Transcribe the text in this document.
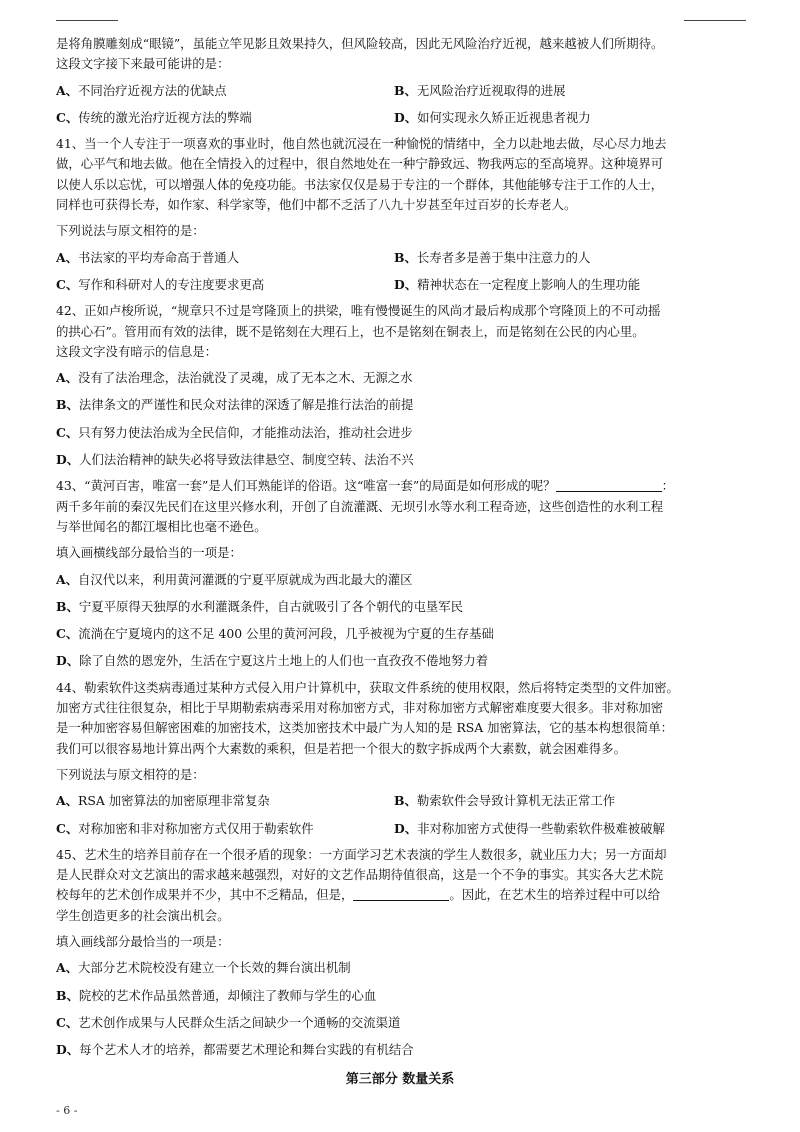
是将角膜雕刻成“眼镜”，虽能立竿见影且效果持久，但风险较高，因此无风险治疗近视，越来越被人们所期待。

这段文字接下来最可能讲的是：

A、不同治疗近视方法的优缺点	B、无风险治疗近视取得的进展

C、传统的激光治疗近视方法的弊端	D、如何实现永久矫正近视患者视力

41、当一个人专注于一项喜欢的事业时，他自然也就沉浸在一种愉悦的情绪中，全力以赴地去做，尽心尽力地去

做，心平气和地去做。他在全情投入的过程中，很自然地处在一种宁静致远、物我两忘的至高境界。这种境界可

以使人乐以忘忧，可以增强人体的免疫功能。书法家仅仅是易于专注的一个群体，其他能够专注于工作的人士，

同样也可获得长寿，如作家、科学家等，他们中都不乏活了八九十岁甚至年过百岁的长寿老人。

下列说法与原文相符的是：

A、书法家的平均寿命高于普通人	B、长寿者多是善于集中注意力的人

C、写作和科研对人的专注度要求更高	D、精神状态在一定程度上影响人的生理功能

42、正如卢梭所说，“规章只不过是穹隆顶上的拱梁，唯有慢慢诞生的风尚才最后构成那个穹隆顶上的不可动摇

的拱心石”。管用而有效的法律，既不是铭刻在大理石上，也不是铭刻在铜表上，而是铭刻在公民的内心里。

这段文字没有暗示的信息是：

A、没有了法治理念，法治就没了灵魂，成了无本之木、无源之水

B、法律条文的严谨性和民众对法律的深透了解是推行法治的前提

C、只有努力使法治成为全民信仰，才能推动法治，推动社会进步

D、人们法治精神的缺失必将导致法律悬空、制度空转、法治不兴

43、“黄河百害，唯富一套”是人们耳熟能详的俗语。这“唯富一套”的局面是如何形成的呢？	：

两千多年前的秦汉先民们在这里兴修水利，开创了自流灌溉、无坝引水等水利工程奇迹，这些创造性的水利工程

与举世闻名的都江堰相比也毫不逊色。

填入画横线部分最恰当的一项是：

A、自汉代以来，利用黄河灌溉的宁夏平原就成为西北最大的灌区

B、宁夏平原得天独厚的水利灌溉条件，自古就吸引了各个朝代的屯垦军民

C、流淌在宁夏境内的这不足 400 公里的黄河河段，几乎被视为宁夏的生存基础

D、除了自然的恩宠外，生活在宁夏这片土地上的人们也一直孜孜不倦地努力着

44、勒索软件这类病毒通过某种方式侵入用户计算机中，获取文件系统的使用权限，然后将特定类型的文件加密。

加密方式往往很复杂，相比于早期勒索病毒采用对称加密方式，非对称加密方式解密难度要大很多。非对称加密

是一种加密容易但解密困难的加密技术，这类加密技术中最广为人知的是 RSA 加密算法，它的基本构想很简单：

我们可以很容易地计算出两个大素数的乘积，但是若把一个很大的数字拆成两个大素数，就会困难得多。

下列说法与原文相符的是：

A、RSA 加密算法的加密原理非常复杂	B、勒索软件会导致计算机无法正常工作

C、对称加密和非对称加密方式仅用于勒索软件	D、非对称加密方式使得一些勒索软件极难被破解

45、艺术生的培养目前存在一个很矛盾的现象：一方面学习艺术表演的学生人数很多，就业压力大；另一方面却

是人民群众对文艺演出的需求越来越强烈，对好的文艺作品期待值很高，这是一个不争的事实。其实各大艺术院

校每年的艺术创作成果并不少，其中不乏精品，但是，	。因此，在艺术生的培养过程中可以给

学生创造更多的社会演出机会。

填入画线部分最恰当的一项是：

A、大部分艺术院校没有建立一个长效的舞台演出机制

B、院校的艺术作品虽然普通，却倾注了教师与学生的心血

C、艺术创作成果与人民群众生活之间缺少一个通畅的交流渠道

D、每个艺术人才的培养，都需要艺术理论和舞台实践的有机结合

第三部分 数量关系
- 6 -
